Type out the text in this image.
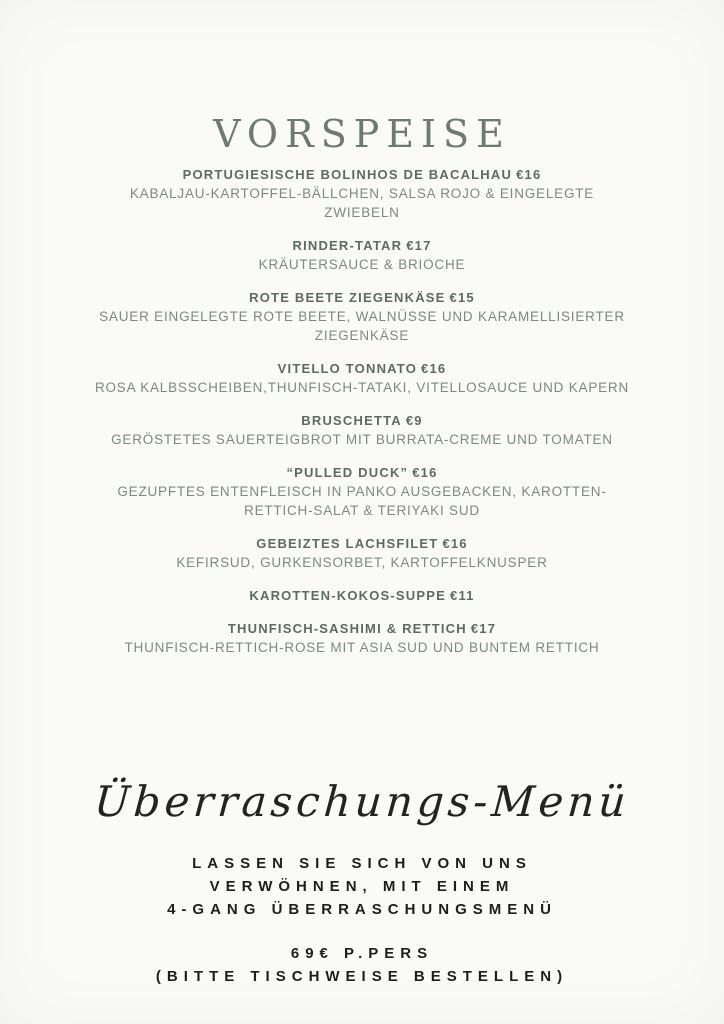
VORSPEISE
PORTUGIESISCHE BOLINHOS DE BACALHAU €16
KABALJAU-KARTOFFEL-BÄLLCHEN, SALSA ROJO & EINGELEGTE ZWIEBELN
RINDER-TATAR €17
KRÄUTERSAUCE & BRIOCHE
ROTE BEETE ZIEGENKÄSE €15
SAUER EINGELEGTE ROTE BEETE, WALNÜSSE UND KARAMELLISIERTER ZIEGENKÄSE
VITELLO TONNATO €16
ROSA KALBSSCHEIBEN,THUNFISCH-TATAKI, VITELLOSAUCE UND KAPERN
BRUSCHETTA €9
GERÖSTETES SAUERTEIGBROT MIT BURRATA-CREME UND TOMATEN
“PULLED DUCK” €16
GEZUPFTES ENTENFLEISCH IN PANKO AUSGEBACKEN, KAROTTEN-RETTICH-SALAT & TERIYAKI SUD
GEBEIZTES LACHSFILET €16
KEFIRSUD, GURKENSORBET, KARTOFFELKNUSPER
KAROTTEN-KOKOS-SUPPE €11
THUNFISCH-SASHIMI & RETTICH €17
THUNFISCH-RETTICH-ROSE MIT ASIA SUD UND BUNTEM RETTICH
Überraschungs-Menü
LASSEN SIE SICH VON UNS
VERWÖHNEN, MIT EINEM
4-GANG ÜBERRASCHUNGSMENÜ
69€ P.PERS
(BITTE TISCHWEISE BESTELLEN)
